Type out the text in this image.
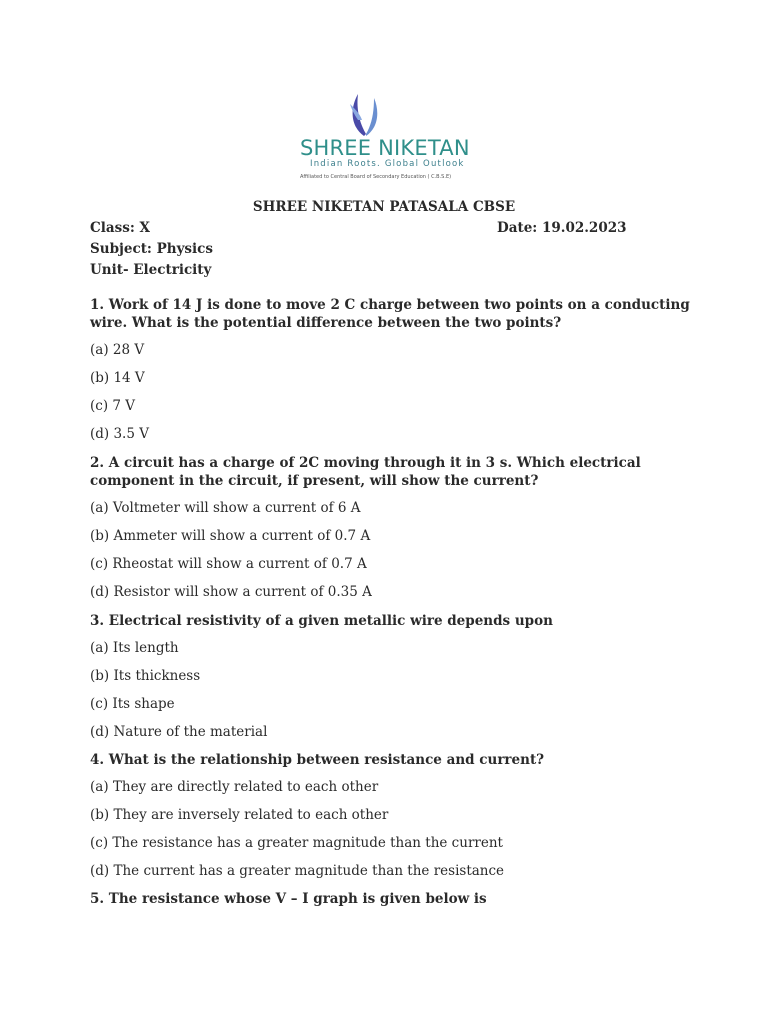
SHREE NIKETAN
Indian Roots. Global Outlook
Affiliated to Central Board of Secondary Education ( C.B.S.E)
SHREE NIKETAN PATASALA CBSE
Class: X	Date: 19.02.2023
Subject: Physics
Unit- Electricity
1. Work of 14 J is done to move 2 C charge between two points on a conducting wire. What is the potential difference between the two points?
(a) 28 V
(b) 14 V
(c) 7 V
(d) 3.5 V
2. A circuit has a charge of 2C moving through it in 3 s. Which electrical component in the circuit, if present, will show the current?
(a) Voltmeter will show a current of 6 A
(b) Ammeter will show a current of 0.7 A
(c) Rheostat will show a current of 0.7 A
(d) Resistor will show a current of 0.35 A
3. Electrical resistivity of a given metallic wire depends upon
(a) Its length
(b) Its thickness
(c) Its shape
(d) Nature of the material
4. What is the relationship between resistance and current?
(a) They are directly related to each other
(b) They are inversely related to each other
(c) The resistance has a greater magnitude than the current
(d) The current has a greater magnitude than the resistance
5. The resistance whose V – I graph is given below is
